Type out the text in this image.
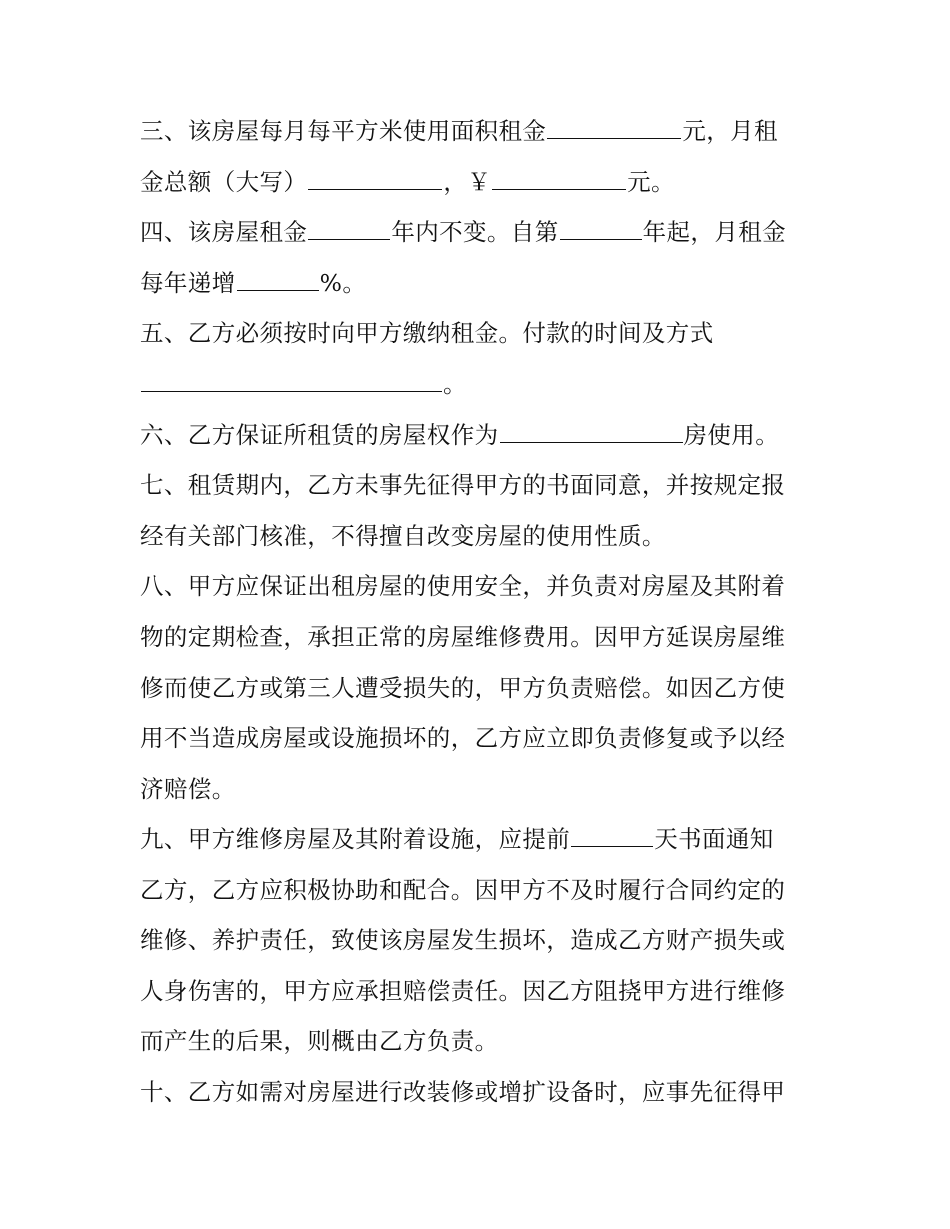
三、该房屋每月每平方米使用面积租金	元，月租
金总额（大写）	，￥	元。
四、该房屋租金	年内不变。自第	年起，月租金
每年递增	%。
五、乙方必须按时向甲方缴纳租金。付款的时间及方式
。
六、乙方保证所租赁的房屋权作为	房使用。
七、租赁期内，乙方未事先征得甲方的书面同意，并按规定报
经有关部门核准，不得擅自改变房屋的使用性质。
八、甲方应保证出租房屋的使用安全，并负责对房屋及其附着
物的定期检查，承担正常的房屋维修费用。因甲方延误房屋维
修而使乙方或第三人遭受损失的，甲方负责赔偿。如因乙方使
用不当造成房屋或设施损坏的，乙方应立即负责修复或予以经
济赔偿。
九、甲方维修房屋及其附着设施，应提前	天书面通知
乙方，乙方应积极协助和配合。因甲方不及时履行合同约定的
维修、养护责任，致使该房屋发生损坏，造成乙方财产损失或
人身伤害的，甲方应承担赔偿责任。因乙方阻挠甲方进行维修
而产生的后果，则概由乙方负责。
十、乙方如需对房屋进行改装修或增扩设备时，应事先征得甲
